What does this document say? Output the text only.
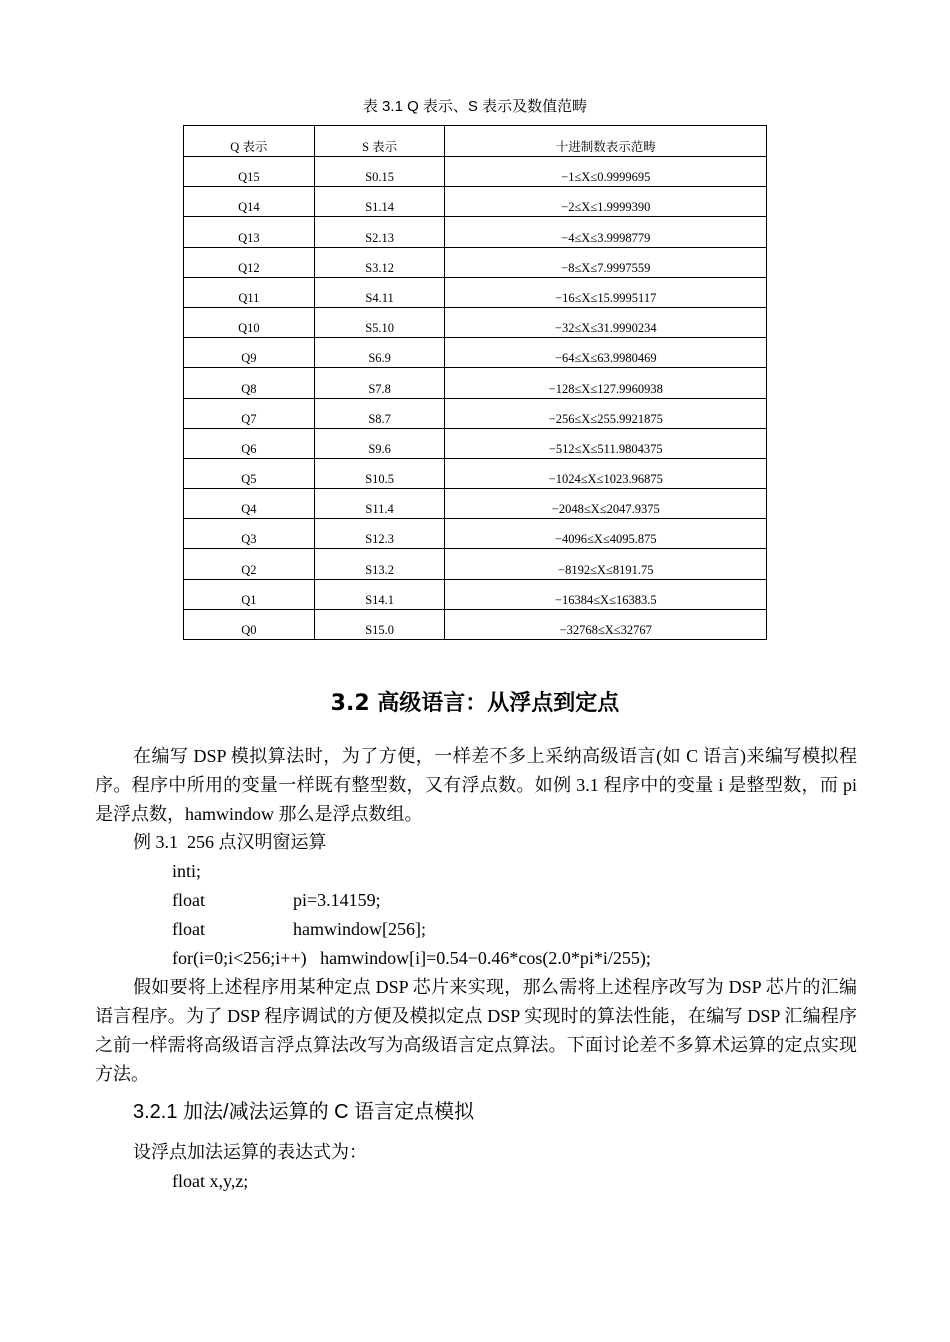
表 3.1 Q 表示、S 表示及数值范畴
Q 表示	S 表示	十进制数表示范畴
Q15	S0.15	−1≤X≤0.9999695
Q14	S1.14	−2≤X≤1.9999390
Q13	S2.13	−4≤X≤3.9998779
Q12	S3.12	−8≤X≤7.9997559
Q11	S4.11	−16≤X≤15.9995117
Q10	S5.10	−32≤X≤31.9990234
Q9	S6.9	−64≤X≤63.9980469
Q8	S7.8	−128≤X≤127.9960938
Q7	S8.7	−256≤X≤255.9921875
Q6	S9.6	−512≤X≤511.9804375
Q5	S10.5	−1024≤X≤1023.96875
Q4	S11.4	−2048≤X≤2047.9375
Q3	S12.3	−4096≤X≤4095.875
Q2	S13.2	−8192≤X≤8191.75
Q1	S14.1	−16384≤X≤16383.5
Q0	S15.0	−32768≤X≤32767
3.2 高级语言：从浮点到定点
在编写 DSP 模拟算法时，为了方便，一样差不多上采纳高级语言(如 C 语言)来编写模拟程序。程序中所用的变量一样既有整型数，又有浮点数。如例 3.1 程序中的变量 i 是整型数，而 pi 是浮点数，hamwindow 那么是浮点数组。
例 3.1  256 点汉明窗运算
inti;
float	pi=3.14159;
float	hamwindow[256];
for(i=0;i<256;i++)   hamwindow[i]=0.54−0.46*cos(2.0*pi*i/255);
假如要将上述程序用某种定点 DSP 芯片来实现，那么需将上述程序改写为 DSP 芯片的汇编语言程序。为了 DSP 程序调试的方便及模拟定点 DSP 实现时的算法性能，在编写 DSP 汇编程序之前一样需将高级语言浮点算法改写为高级语言定点算法。下面讨论差不多算术运算的定点实现方法。
3.2.1 加法/减法运算的 C 语言定点模拟
设浮点加法运算的表达式为：
float x,y,z;
